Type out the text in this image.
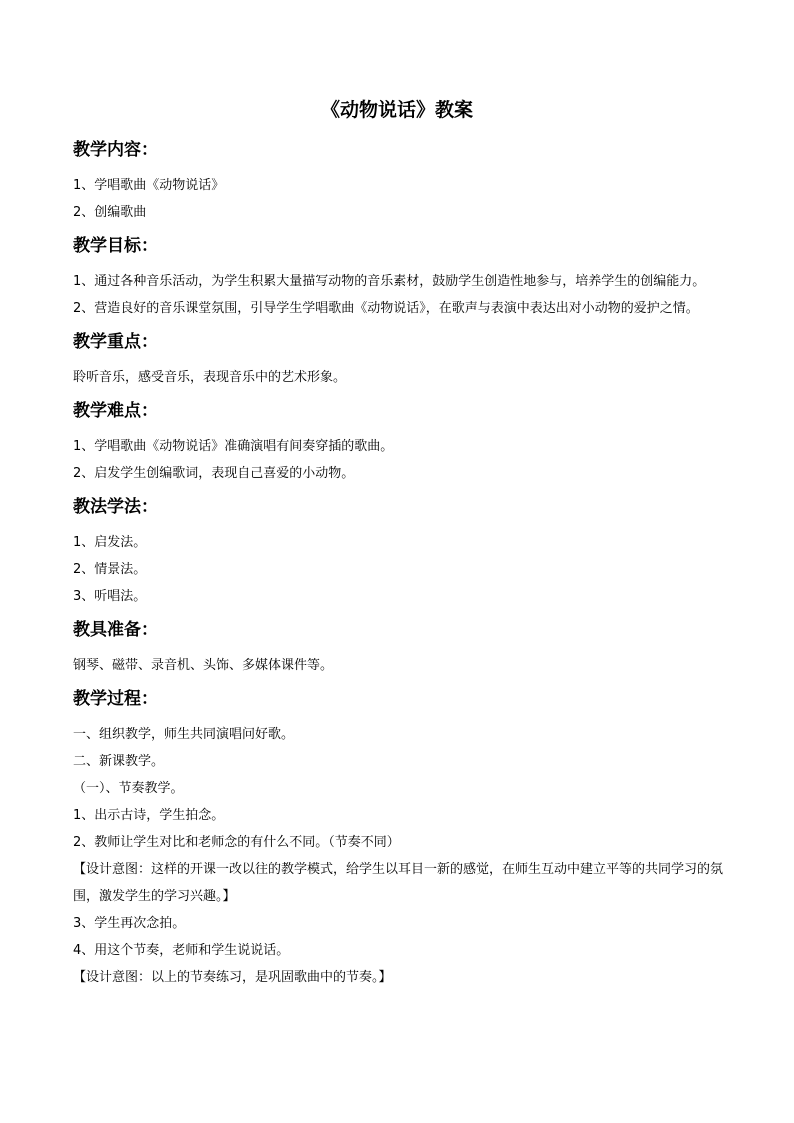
《动物说话》教案

教学内容：

1、学唱歌曲《动物说话》

2、创编歌曲

教学目标：

1、通过各种音乐活动，为学生积累大量描写动物的音乐素材，鼓励学生创造性地参与，培养学生的创编能力。

2、营造良好的音乐课堂氛围，引导学生学唱歌曲《动物说话》，在歌声与表演中表达出对小动物的爱护之情。

教学重点：

聆听音乐，感受音乐，表现音乐中的艺术形象。

教学难点：

1、学唱歌曲《动物说话》准确演唱有间奏穿插的歌曲。

2、启发学生创编歌词，表现自己喜爱的小动物。

教法学法：

1、启发法。

2、情景法。

3、听唱法。

教具准备：

钢琴、磁带、录音机、头饰、多媒体课件等。

教学过程：

一、组织教学，师生共同演唱问好歌。

二、新课教学。

（一）、节奏教学。

1、出示古诗，学生拍念。

2、教师让学生对比和老师念的有什么不同。（节奏不同）

【设计意图：这样的开课一改以往的教学模式，给学生以耳目一新的感觉，在师生互动中建立平等的共同学习的氛围，激发学生的学习兴趣。】

3、学生再次念拍。

4、用这个节奏，老师和学生说说话。

【设计意图：以上的节奏练习，是巩固歌曲中的节奏。】
